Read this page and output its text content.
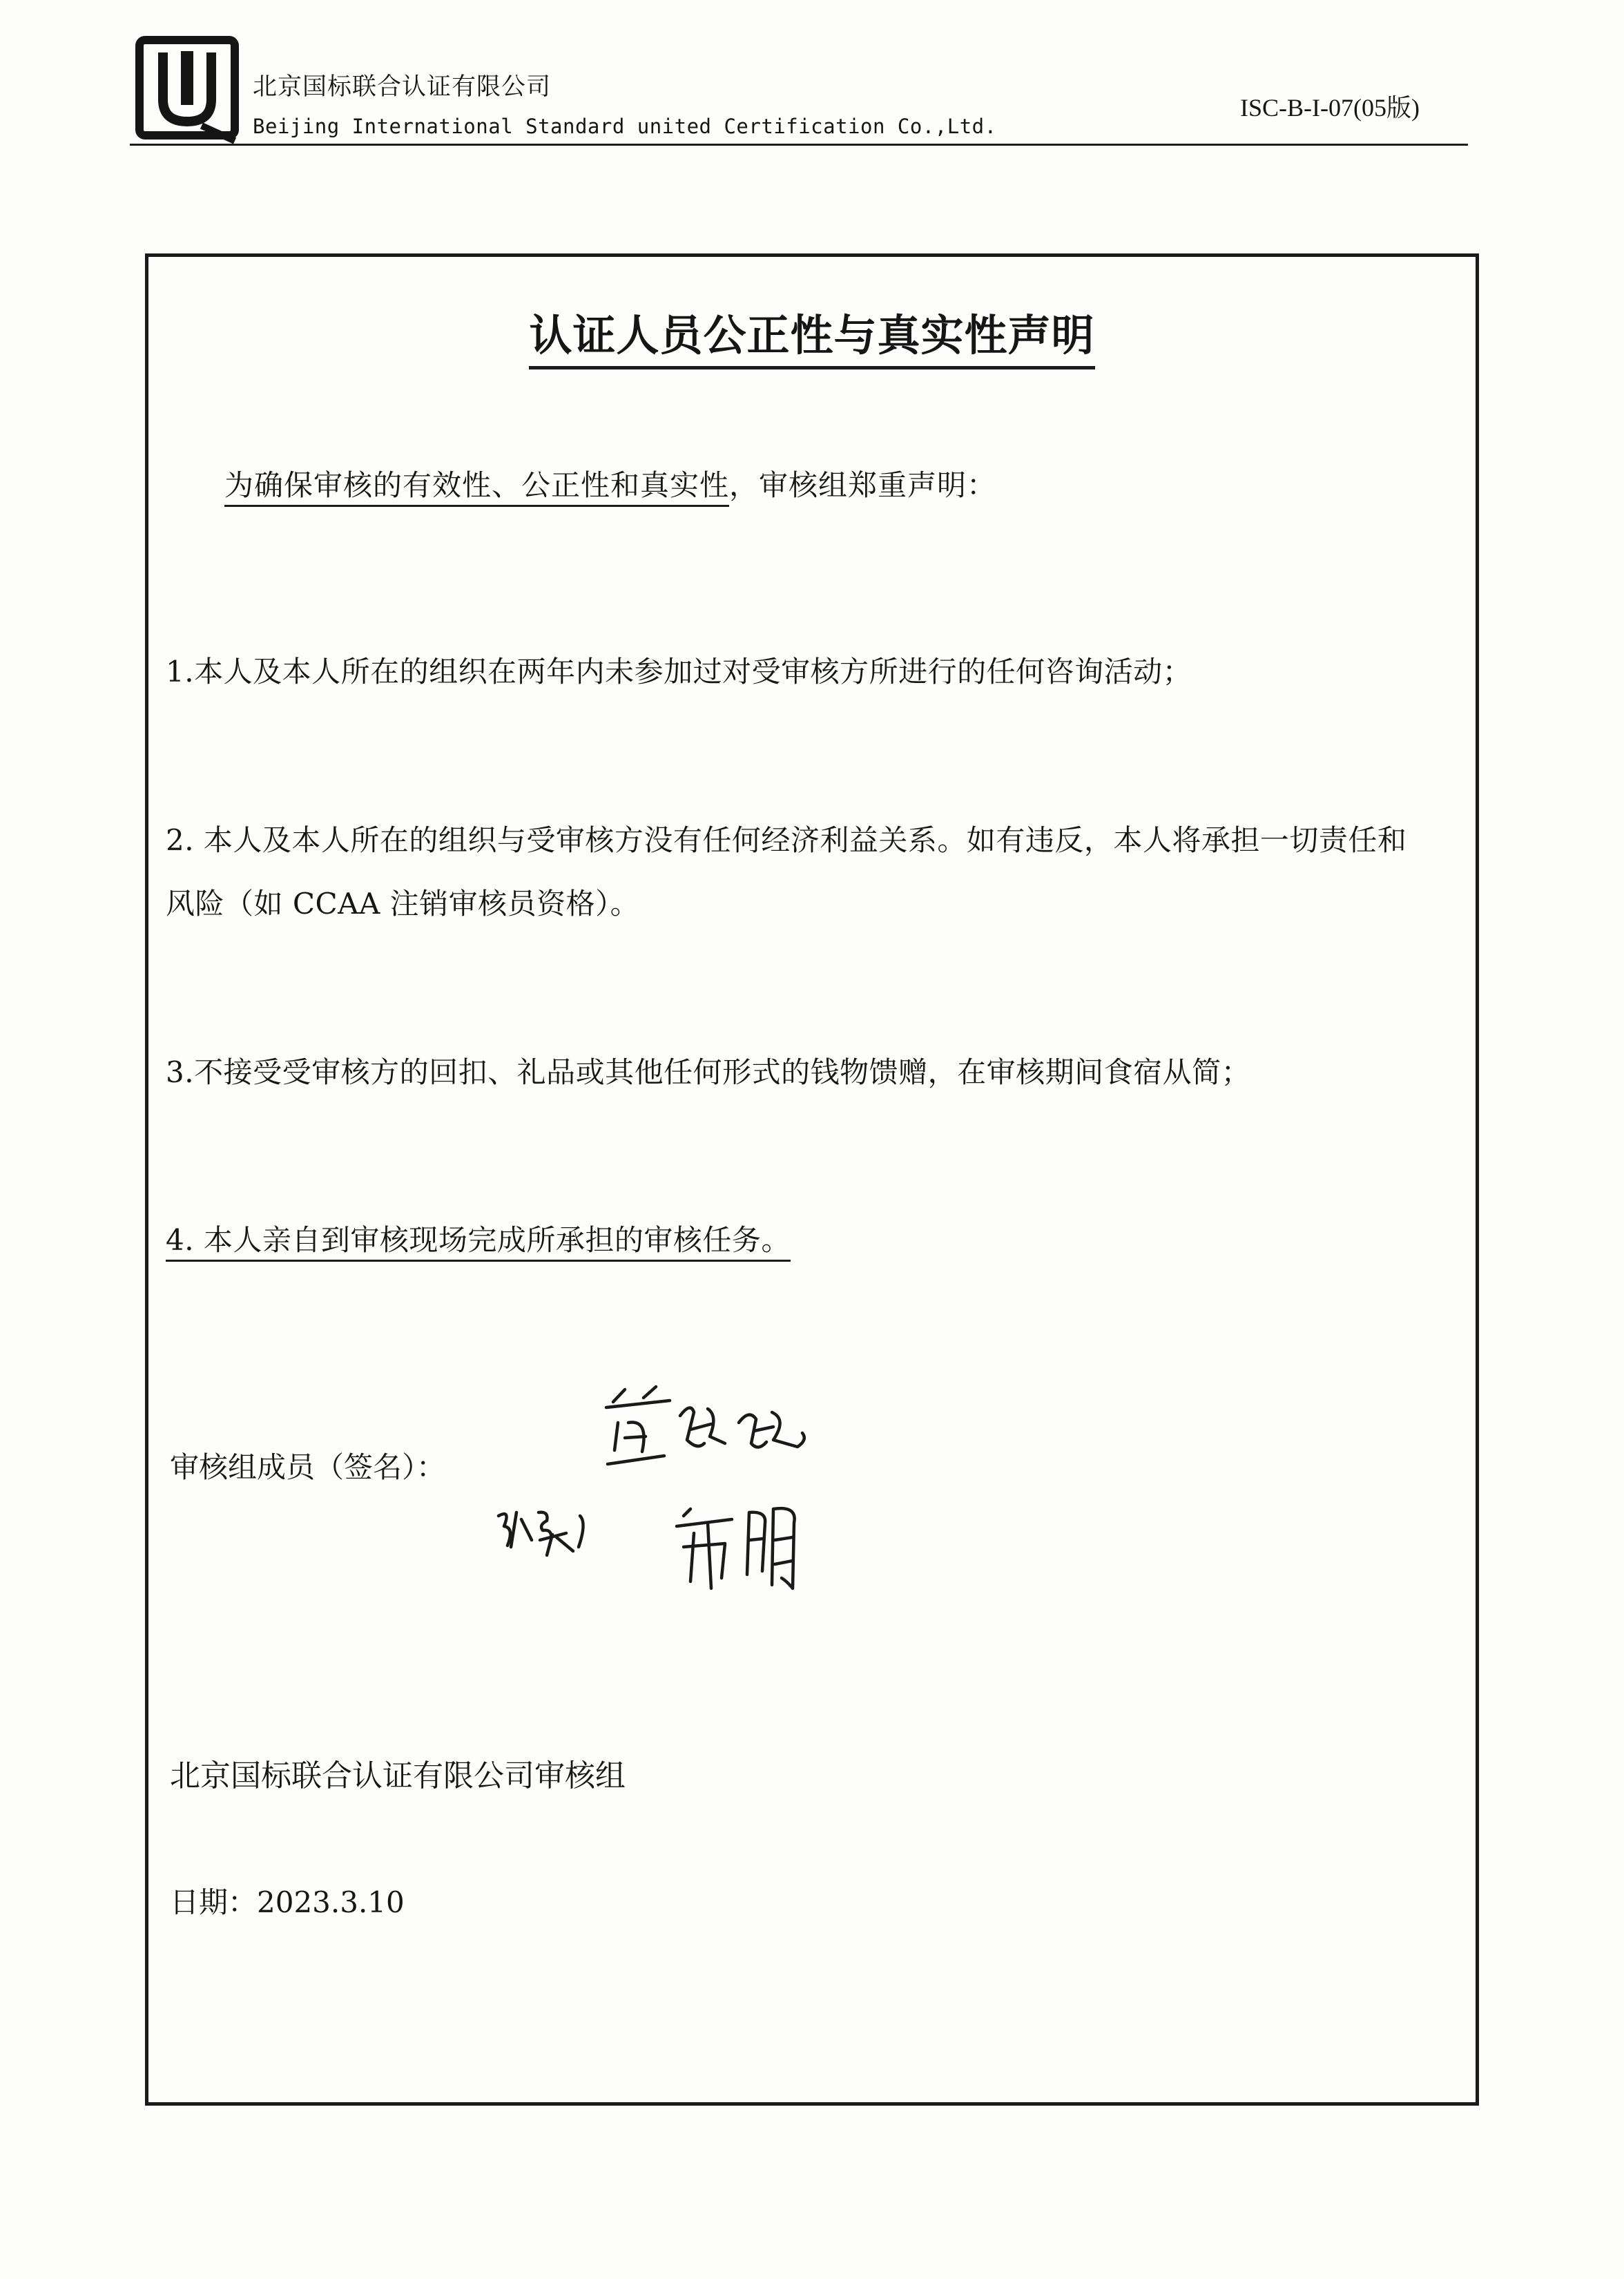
北京国标联合认证有限公司
Beijing International Standard united Certification Co.,Ltd.
ISC-B-I-07(05版)
认证人员公正性与真实性声明
为确保审核的有效性、公正性和真实性，审核组郑重声明：
1.本人及本人所在的组织在两年内未参加过对受审核方所进行的任何咨询活动；
2. 本人及本人所在的组织与受审核方没有任何经济利益关系。如有违反，本人将承担一切责任和
风险（如 CCAA 注销审核员资格）。
3.不接受受审核方的回扣、礼品或其他任何形式的钱物馈赠，在审核期间食宿从简；
4. 本人亲自到审核现场完成所承担的审核任务。
审核组成员（签名）：
北京国标联合认证有限公司审核组
日期：2023.3.10
